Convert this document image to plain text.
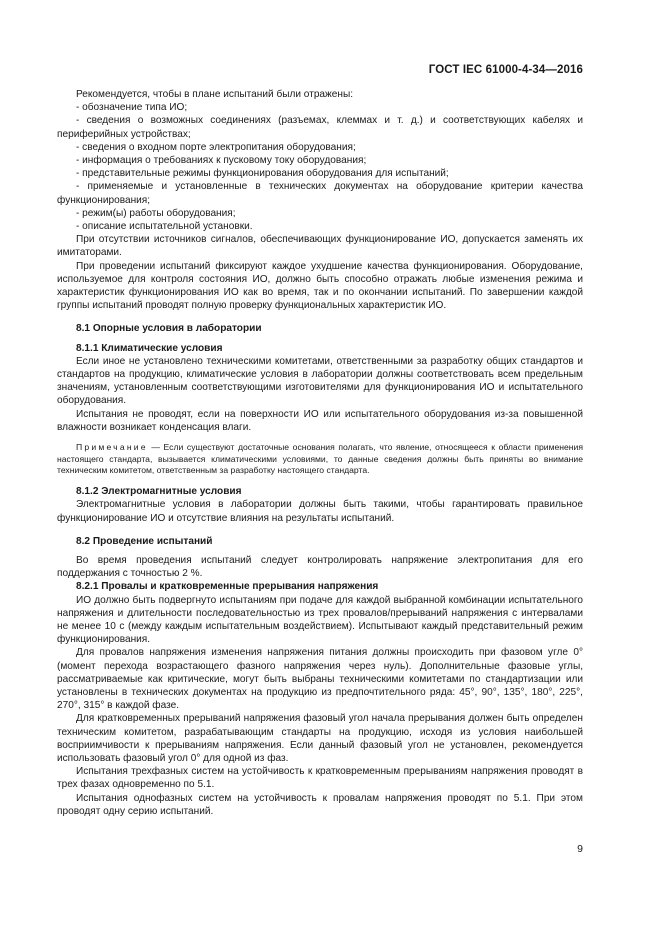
ГОСТ IEC 61000-4-34—2016

Рекомендуется, чтобы в плане испытаний были отражены:

- обозначение типа ИО;

- сведения о возможных соединениях (разъемах, клеммах и т. д.) и соответствующих кабелях и периферийных устройствах;

- сведения о входном порте электропитания оборудования;

- информация о требованиях к пусковому току оборудования;

- представительные режимы функционирования оборудования для испытаний;

- применяемые и установленные в технических документах на оборудование критерии качества функционирования;

- режим(ы) работы оборудования;

- описание испытательной установки.

При отсутствии источников сигналов, обеспечивающих функционирование ИО, допускается заменять их имитаторами.

При проведении испытаний фиксируют каждое ухудшение качества функционирования. Оборудование, используемое для контроля состояния ИО, должно быть способно отражать любые изменения режима и характеристик функционирования ИО как во время, так и по окончании испытаний. По завершении каждой группы испытаний проводят полную проверку функциональных характеристик ИО.

8.1 Опорные условия в лаборатории

8.1.1 Климатические условия

Если иное не установлено техническими комитетами, ответственными за разработку общих стандартов и стандартов на продукцию, климатические условия в лаборатории должны соответствовать всем предельным значениям, установленным соответствующими изготовителями для функционирования ИО и испытательного оборудования.

Испытания не проводят, если на поверхности ИО или испытательного оборудования из-за повышенной влажности возникает конденсация влаги.

Примечание — Если существуют достаточные основания полагать, что явление, относящееся к области применения настоящего стандарта, вызывается климатическими условиями, то данные сведения должны быть приняты во внимание техническим комитетом, ответственным за разработку настоящего стандарта.

8.1.2 Электромагнитные условия

Электромагнитные условия в лаборатории должны быть такими, чтобы гарантировать правильное функционирование ИО и отсутствие влияния на результаты испытаний.

8.2 Проведение испытаний

Во время проведения испытаний следует контролировать напряжение электропитания для его поддержания с точностью 2 %.

8.2.1 Провалы и кратковременные прерывания напряжения

ИО должно быть подвергнуто испытаниям при подаче для каждой выбранной комбинации испытательного напряжения и длительности последовательностью из трех провалов/прерываний напряжения с интервалами не менее 10 с (между каждым испытательным воздействием). Испытывают каждый представительный режим функционирования.

Для провалов напряжения изменения напряжения питания должны происходить при фазовом угле 0° (момент перехода возрастающего фазного напряжения через нуль). Дополнительные фазовые углы, рассматриваемые как критические, могут быть выбраны техническими комитетами по стандартизации или установлены в технических документах на продукцию из предпочтительного ряда: 45°, 90°, 135°, 180°, 225°, 270°, 315° в каждой фазе.

Для кратковременных прерываний напряжения фазовый угол начала прерывания должен быть определен техническим комитетом, разрабатывающим стандарты на продукцию, исходя из условия наибольшей восприимчивости к прерываниям напряжения. Если данный фазовый угол не установлен, рекомендуется использовать фазовый угол 0° для одной из фаз.

Испытания трехфазных систем на устойчивость к кратковременным прерываниям напряжения проводят в трех фазах одновременно по 5.1.

Испытания однофазных систем на устойчивость к провалам напряжения проводят по 5.1. При этом проводят одну серию испытаний.

9
